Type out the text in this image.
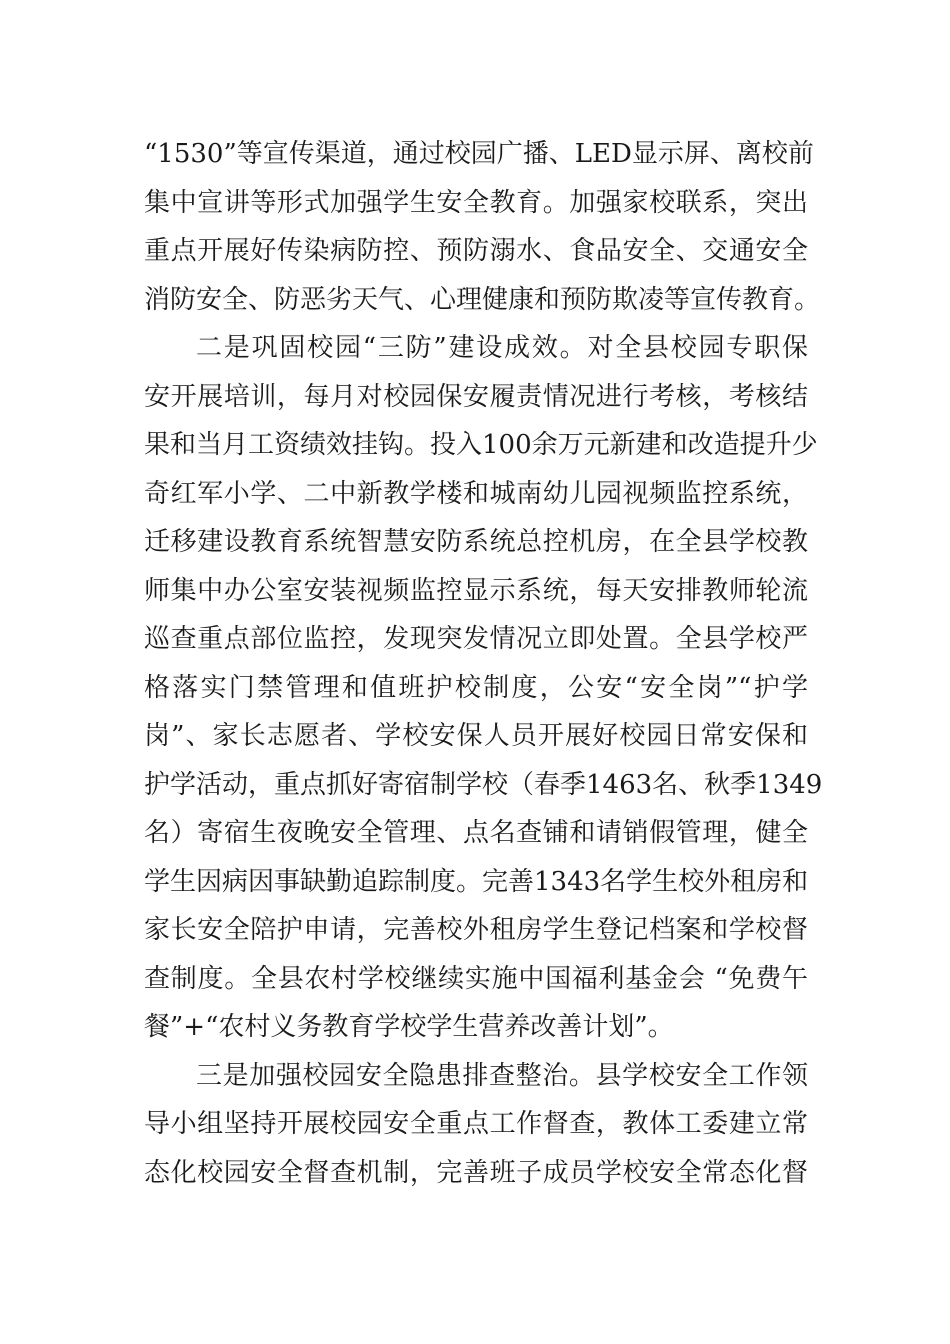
“1530”等宣传渠道，通过校园广播、LED显示屏、离校前
集中宣讲等形式加强学生安全教育。加强家校联系，突出
重点开展好传染病防控、预防溺水、食品安全、交通安全
消防安全、防恶劣天气、心理健康和预防欺凌等宣传教育。
二是巩固校园“三防”建设成效。对全县校园专职保
安开展培训，每月对校园保安履责情况进行考核，考核结
果和当月工资绩效挂钩。投入100余万元新建和改造提升少
奇红军小学、二中新教学楼和城南幼儿园视频监控系统，
迁移建设教育系统智慧安防系统总控机房，在全县学校教
师集中办公室安装视频监控显示系统，每天安排教师轮流
巡查重点部位监控，发现突发情况立即处置。全县学校严
格落实门禁管理和值班护校制度，公安“安全岗”“护学
岗”、家长志愿者、学校安保人员开展好校园日常安保和
护学活动，重点抓好寄宿制学校（春季1463名、秋季1349
名）寄宿生夜晚安全管理、点名查铺和请销假管理，健全
学生因病因事缺勤追踪制度。完善1343名学生校外租房和
家长安全陪护申请，完善校外租房学生登记档案和学校督
查制度。全县农村学校继续实施中国福利基金会 “免费午
餐”+“农村义务教育学校学生营养改善计划”。
三是加强校园安全隐患排查整治。县学校安全工作领
导小组坚持开展校园安全重点工作督查，教体工委建立常
态化校园安全督查机制，完善班子成员学校安全常态化督
